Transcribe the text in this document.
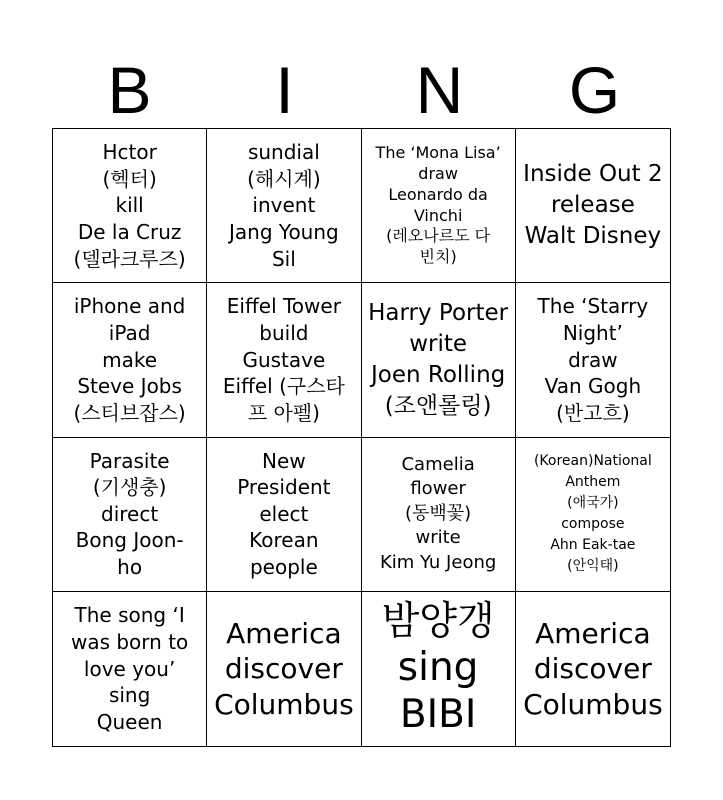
B	I	N	G
Hctor
(헥터)
kill
De la Cruz
(델라크루즈)
sundial
(해시계)
invent
Jang Young
Sil
The ‘Mona Lisa’
draw
Leonardo da
Vinchi
(레오나르도 다
빈치)
Inside Out 2
release
Walt Disney
iPhone and
iPad
make
Steve Jobs
(스티브잡스)
Eiffel Tower
build
Gustave
Eiffel (구스타
프 아펠)
Harry Porter
write
Joen Rolling
(조앤롤링)
The ‘Starry
Night’
draw
Van Gogh
(반고흐)
Parasite
(기생충)
direct
Bong Joon-
ho
New
President
elect
Korean
people
Camelia
flower
(동백꽃)
write
Kim Yu Jeong
(Korean)National
Anthem
(애국가)
compose
Ahn Eak-tae
(안익태)
The song ‘I
was born to
love you’
sing
Queen
America
discover
Columbus
밤양갱
sing
BIBI
America
discover
Columbus
